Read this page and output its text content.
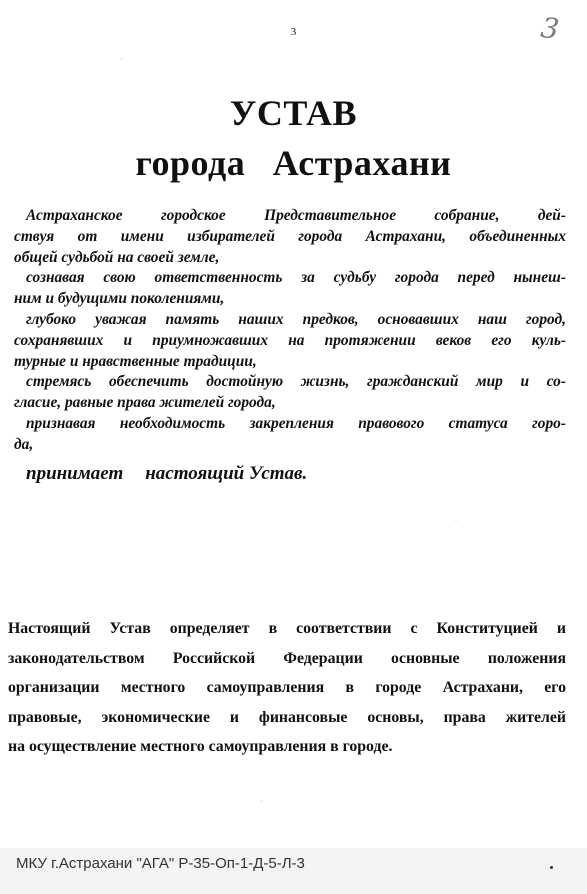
3	3
УСТАВ
города Астрахани
Астраханское городское Представительное собрание, дей-
ствуя от имени избирателей города Астрахани, объединенных
общей судьбой на своей земле,
сознавая свою ответственность за судьбу города перед нынеш-
ним и будущими поколениями,
глубоко уважая память наших предков, основавших наш город,
сохранявших и приумножавших на протяжении веков его куль-
турные и нравственные традиции,
стремясь обеспечить достойную жизнь, гражданский мир и со-
гласие, равные права жителей города,
признавая необходимость закрепления правового статуса горо-
да,
принимает настоящий Устав.
Настоящий Устав определяет в соответствии с Конституцией и
законодательством Российской Федерации основные положения
организации местного самоуправления в городе Астрахани, его
правовые, экономические и финансовые основы, права жителей
на осуществление местного самоуправления в городе.
МКУ г.Астрахани "АГА" Р-35-Оп-1-Д-5-Л-3
